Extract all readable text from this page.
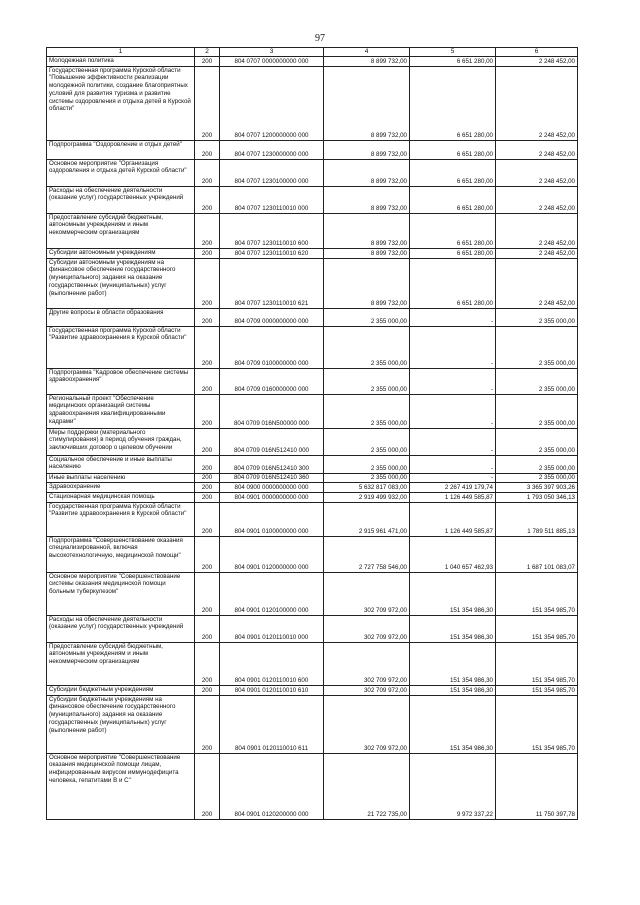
97
1	2	3	4	5	6
Молодежная политика	200	804 0707 0000000000 000	8 899 732,00	6 651 280,00	2 248 452,00
Государственная программа Курской области "Повышение эффективности реализации молодежной политики, создание благоприятных условий для развития туризма и развитие системы оздоровления и отдыха детей в Курской области"	200	804 0707 1200000000 000	8 899 732,00	6 651 280,00	2 248 452,00
Подпрограмма "Оздоровление и отдых детей"	200	804 0707 1230000000 000	8 899 732,00	6 651 280,00	2 248 452,00
Основное мероприятие "Организация оздоровления и отдыха детей Курской области"	200	804 0707 1230100000 000	8 899 732,00	6 651 280,00	2 248 452,00
Расходы на обеспечение деятельности (оказание услуг) государственных учреждений	200	804 0707 1230110010 000	8 899 732,00	6 651 280,00	2 248 452,00
Предоставление субсидий бюджетным, автономным учреждениям и иным некоммерческим организациям	200	804 0707 1230110010 600	8 899 732,00	6 651 280,00	2 248 452,00
Субсидии автономным учреждениям	200	804 0707 1230110010 620	8 899 732,00	6 651 280,00	2 248 452,00
Субсидии автономным учреждениям на финансовое обеспечение государственного (муниципального) задания на оказание государственных (муниципальных) услуг (выполнение работ)	200	804 0707 1230110010 621	8 899 732,00	6 651 280,00	2 248 452,00
Другие вопросы в области образования	200	804 0709 0000000000 000	2 355 000,00	-	2 355 000,00
Государственная программа Курской области "Развитие здравоохранения в Курской области"	200	804 0709 0100000000 000	2 355 000,00	-	2 355 000,00
Подпрограмма "Кадровое обеспечение системы здравоохранения"	200	804 0709 0160000000 000	2 355 000,00	-	2 355 000,00
Региональный проект "Обеспечение медицинских организаций системы здравоохранения квалифицированными кадрами"	200	804 0709 016N500000 000	2 355 000,00	-	2 355 000,00
Меры поддержки (материального стимулирования) в период обучения граждан, заключивших договор о целевом обучении	200	804 0709 016N512410 000	2 355 000,00	-	2 355 000,00
Социальное обеспечение и иные выплаты населению	200	804 0709 016N512410 300	2 355 000,00	-	2 355 000,00
Иные выплаты населению	200	804 0709 016N512410 360	2 355 000,00	-	2 355 000,00
Здравоохранение	200	804 0900 0000000000 000	5 632 817 083,00	2 267 419 179,74	3 365 397 903,26
Стационарная медицинская помощь	200	804 0901 0000000000 000	2 919 499 932,00	1 126 449 585,87	1 793 050 346,13
Государственная программа Курской области "Развитие здравоохранения в Курской области"	200	804 0901 0100000000 000	2 915 961 471,00	1 126 449 585,87	1 789 511 885,13
Подпрограмма "Совершенствование оказания специализированной, включая высокотехнологичную, медицинской помощи"	200	804 0901 0120000000 000	2 727 758 546,00	1 040 657 462,93	1 687 101 083,07
Основное мероприятие "Совершенствование системы оказания медицинской помощи больным туберкулезом"	200	804 0901 0120100000 000	302 709 972,00	151 354 986,30	151 354 985,70
Расходы на обеспечение деятельности (оказание услуг) государственных учреждений	200	804 0901 0120110010 000	302 709 972,00	151 354 986,30	151 354 985,70
Предоставление субсидий бюджетным, автономным учреждениям и иным некоммерческим организациям	200	804 0901 0120110010 600	302 709 972,00	151 354 986,30	151 354 985,70
Субсидии бюджетным учреждениям	200	804 0901 0120110010 610	302 709 972,00	151 354 986,30	151 354 985,70
Субсидии бюджетным учреждениям на финансовое обеспечение государственного (муниципального) задания на оказание государственных (муниципальных) услуг (выполнение работ)	200	804 0901 0120110010 611	302 709 972,00	151 354 986,30	151 354 985,70
Основное мероприятие "Совершенствование оказания медицинской помощи лицам, инфицированным вирусом иммунодефицита человека, гепатитами В и С"	200	804 0901 0120200000 000	21 722 735,00	9 972 337,22	11 750 397,78
